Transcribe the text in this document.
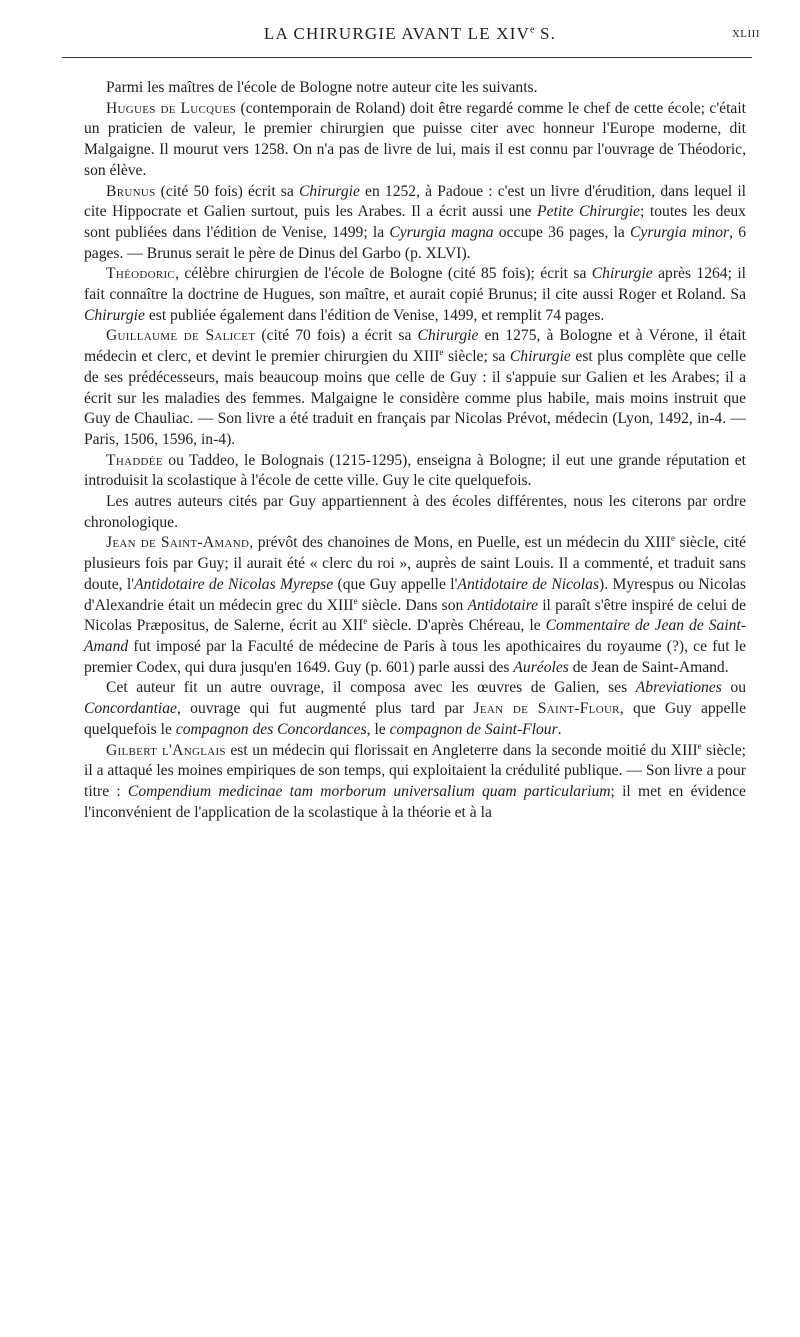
LA CHIRURGIE AVANT LE XIVe S.	XLIII

Parmi les maîtres de l'école de Bologne notre auteur cite les suivants.

Hugues de Lucques (contemporain de Roland) doit être regardé comme le chef de cette école; c'était un praticien de valeur, le premier chirurgien que puisse citer avec honneur l'Europe moderne, dit Malgaigne. Il mourut vers 1258. On n'a pas de livre de lui, mais il est connu par l'ouvrage de Théodoric, son élève.

Brunus (cité 50 fois) écrit sa Chirurgie en 1252, à Padoue : c'est un livre d'érudition, dans lequel il cite Hippocrate et Galien surtout, puis les Arabes. Il a écrit aussi une Petite Chirurgie; toutes les deux sont publiées dans l'édition de Venise, 1499; la Cyrurgia magna occupe 36 pages, la Cyrurgia minor, 6 pages. — Brunus serait le père de Dinus del Garbo (p. XLVI).

Théodoric, célèbre chirurgien de l'école de Bologne (cité 85 fois); écrit sa Chirurgie après 1264; il fait connaître la doctrine de Hugues, son maître, et aurait copié Brunus; il cite aussi Roger et Roland. Sa Chirurgie est publiée également dans l'édition de Venise, 1499, et remplit 74 pages.

Guillaume de Saliceт (cité 70 fois) a écrit sa Chirurgie en 1275, à Bologne et à Vérone, il était médecin et clerc, et devint le premier chirurgien du XIIIe siècle; sa Chirurgie est plus complète que celle de ses prédécesseurs, mais beaucoup moins que celle de Guy : il s'appuie sur Galien et les Arabes; il a écrit sur les maladies des femmes. Malgaigne le considère comme plus habile, mais moins instruit que Guy de Chauliac. — Son livre a été traduit en français par Nicolas Prévot, médecin (Lyon, 1492, in-4. — Paris, 1506, 1596, in-4).

Thaddée ou Taddeo, le Bolognais (1215-1295), enseigna à Bologne; il eut une grande réputation et introduisit la scolastique à l'école de cette ville. Guy le cite quelquefois.

Les autres auteurs cités par Guy appartiennent à des écoles différentes, nous les citerons par ordre chronologique.

Jean de Saint-Amand, prévôt des chanoines de Mons, en Puelle, est un médecin du XIIIe siècle, cité plusieurs fois par Guy; il aurait été « clerc du roi », auprès de saint Louis. Il a commenté, et traduit sans doute, l'Antidotaire de Nicolas Myrepse (que Guy appelle l'Antidotaire de Nicolas). Myrespus ou Nicolas d'Alexandrie était un médecin grec du XIIIe siècle. Dans son Antidotaire il paraît s'être inspiré de celui de Nicolas Præpositus, de Salerne, écrit au XIIe siècle. D'après Chéreau, le Commentaire de Jean de Saint-Amand fut imposé par la Faculté de médecine de Paris à tous les apothicaires du royaume (?), ce fut le premier Codex, qui dura jusqu'en 1649. Guy (p. 601) parle aussi des Auréoles de Jean de Saint-Amand.

Cet auteur fit un autre ouvrage, il composa avec les œuvres de Galien, ses Abreviationes ou Concordantiae, ouvrage qui fut augmenté plus tard par Jean de Saint-Flour, que Guy appelle quelquefois le compagnon des Concordances, le compagnon de Saint-Flour.

Gilbert l'Anglais est un médecin qui florissait en Angleterre dans la seconde moitié du XIIIe siècle; il a attaqué les moines empiriques de son temps, qui exploitaient la crédulité publique. — Son livre a pour titre : Compendium medicinae tam morborum universalium quam particularium; il met en évidence l'inconvénient de l'application de la scolastique à la théorie et à la
